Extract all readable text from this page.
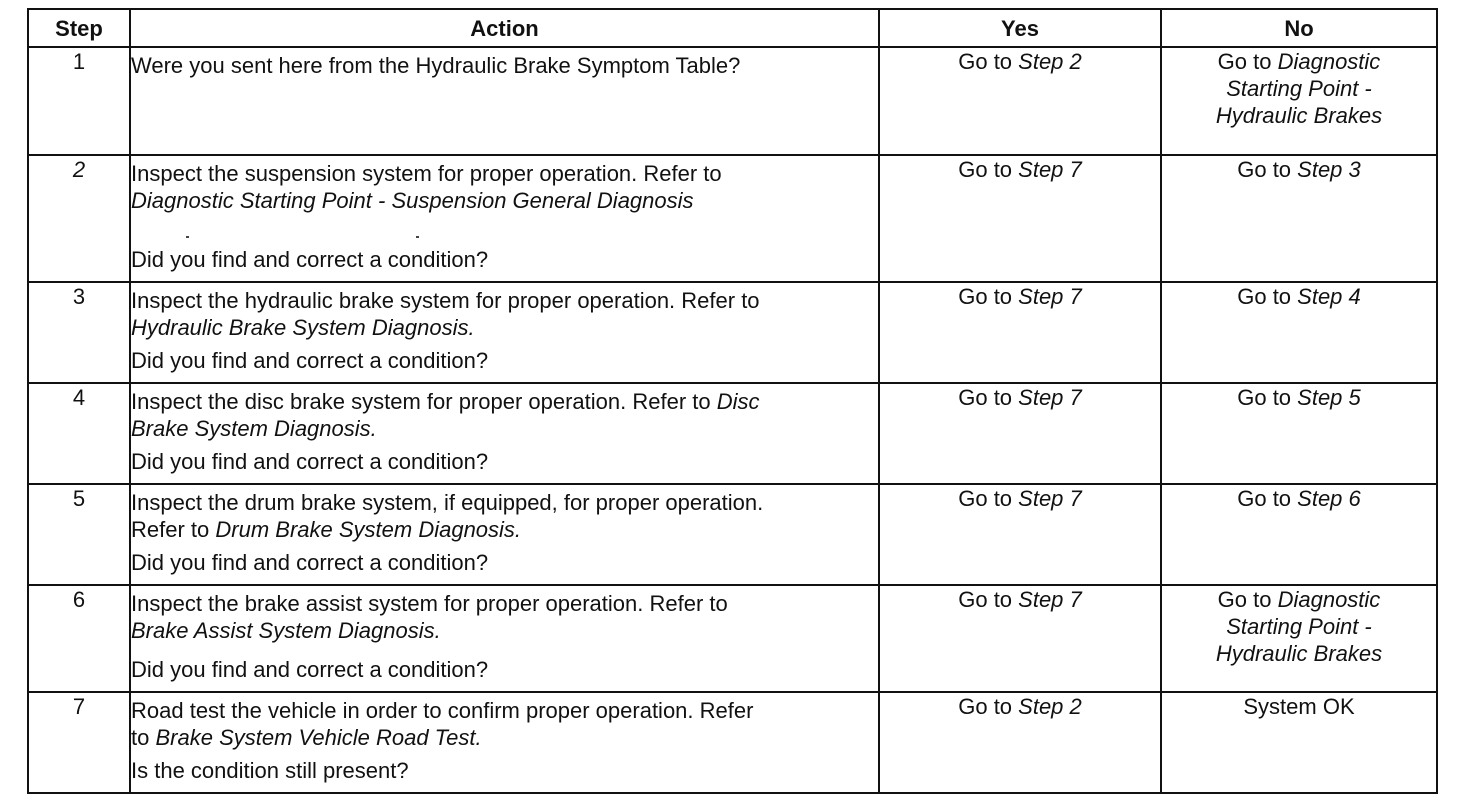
Step	Action	Yes	No
1	Were you sent here from the Hydraulic Brake Symptom Table?	Go to Step 2	Go to Diagnostic
Starting Point -
Hydraulic Brakes
2	Inspect the suspension system for proper operation. Refer to
Diagnostic Starting Point - Suspension General Diagnosis
Did you find and correct a condition?	Go to Step 7	Go to Step 3
3	Inspect the hydraulic brake system for proper operation. Refer to
Hydraulic Brake System Diagnosis.
Did you find and correct a condition?	Go to Step 7	Go to Step 4
4	Inspect the disc brake system for proper operation. Refer to Disc
Brake System Diagnosis.
Did you find and correct a condition?	Go to Step 7	Go to Step 5
5	Inspect the drum brake system, if equipped, for proper operation.
Refer to Drum Brake System Diagnosis.
Did you find and correct a condition?	Go to Step 7	Go to Step 6
6	Inspect the brake assist system for proper operation. Refer to
Brake Assist System Diagnosis.
Did you find and correct a condition?	Go to Step 7	Go to Diagnostic
Starting Point -
Hydraulic Brakes
7	Road test the vehicle in order to confirm proper operation. Refer
to Brake System Vehicle Road Test.
Is the condition still present?	Go to Step 2	System OK
